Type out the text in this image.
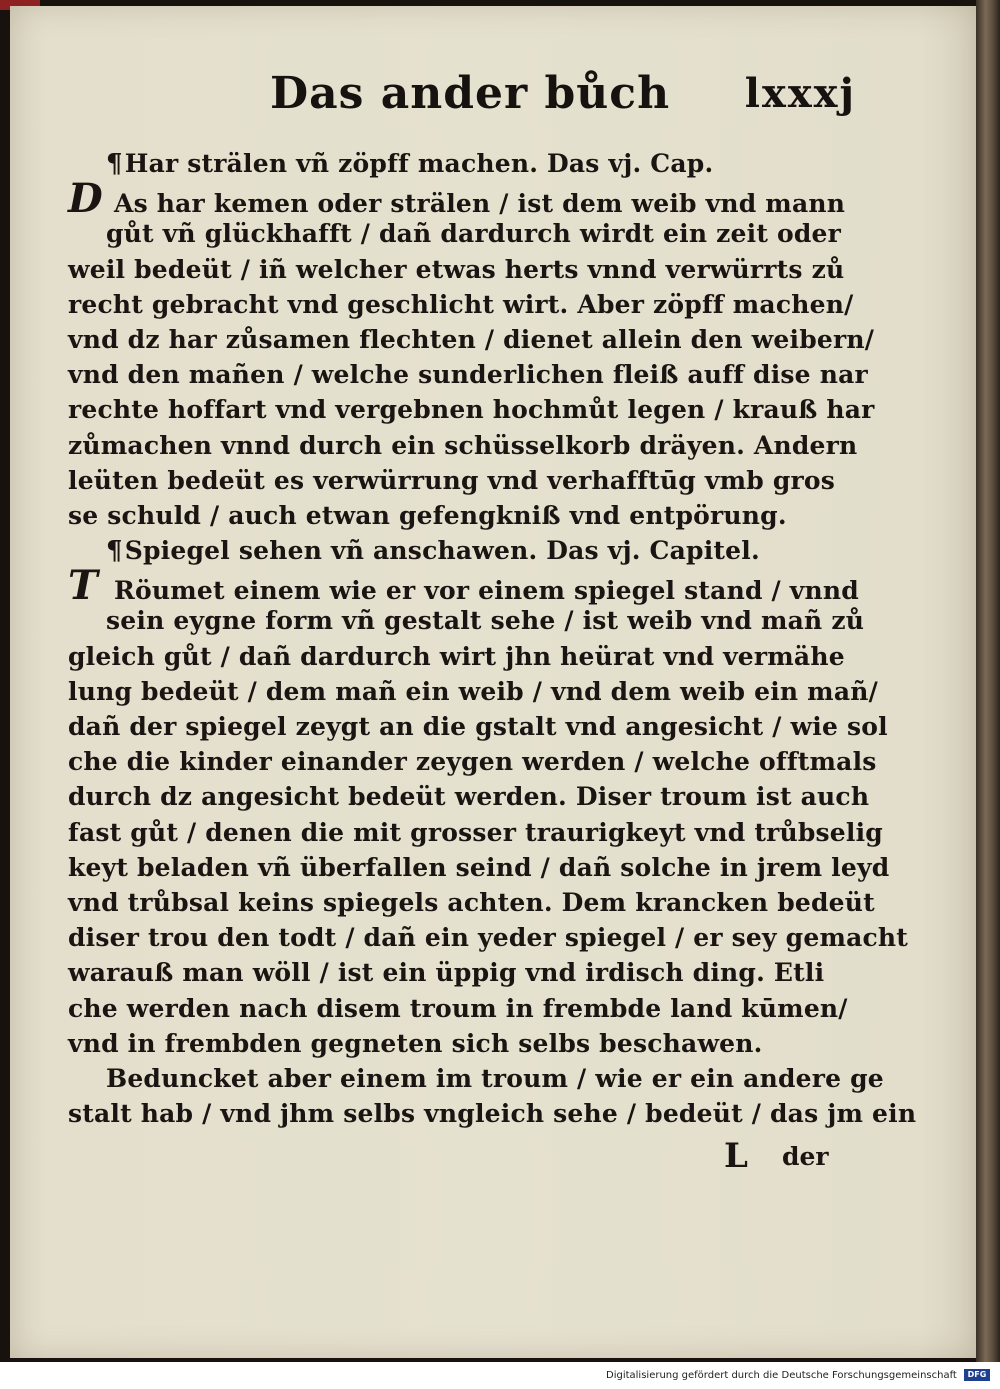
Das ander bůch lxxxj
¶Har strälen vñ zöpff machen. Das vj. Cap.
D As har kemen oder strälen / ist dem weib vnd mann
gůt vñ glückhafft / dañ dardurch wirdt ein zeit oder
weil bedeüt / iñ welcher etwas herts vnnd verwürrts zů
recht gebracht vnd geschlicht wirt. Aber zöpff machen/
vnd dz har zůsamen flechten / dienet allein den weibern/
vnd den mañen / welche sunderlichen fleiß auff dise nar
rechte hoffart vnd vergebnen hochmůt legen / krauß har
zůmachen vnnd durch ein schüsselkorb dräyen. Andern
leüten bedeüt es verwürrung vnd verhafftūg vmb gros
se schuld / auch etwan gefengkniß vnd entpörung.
¶Spiegel sehen vñ anschawen. Das vj. Capitel.
T Röumet einem wie er vor einem spiegel stand / vnnd
sein eygne form vñ gestalt sehe / ist weib vnd mañ zů
gleich gůt / dañ dardurch wirt jhn heürat vnd vermähe
lung bedeüt / dem mañ ein weib / vnd dem weib ein mañ/
dañ der spiegel zeygt an die gstalt vnd angesicht / wie sol
che die kinder einander zeygen werden / welche offtmals
durch dz angesicht bedeüt werden. Diser troum ist auch
fast gůt / denen die mit grosser traurigkeyt vnd trůbselig
keyt beladen vñ überfallen seind / dañ solche in jrem leyd
vnd trůbsal keins spiegels achten. Dem krancken bedeüt
diser trou den todt / dañ ein yeder spiegel / er sey gemacht
warauß man wöll / ist ein üppig vnd irdisch ding. Etli
che werden nach disem troum in frembde land kūmen/
vnd in frembden gegneten sich selbs beschawen.
Beduncket aber einem im troum / wie er ein andere ge
stalt hab / vnd jhm selbs vngleich sehe / bedeüt / das jm ein
L der
Digitalisierung gefördert durch die Deutsche Forschungsgemeinschaft	DFG
